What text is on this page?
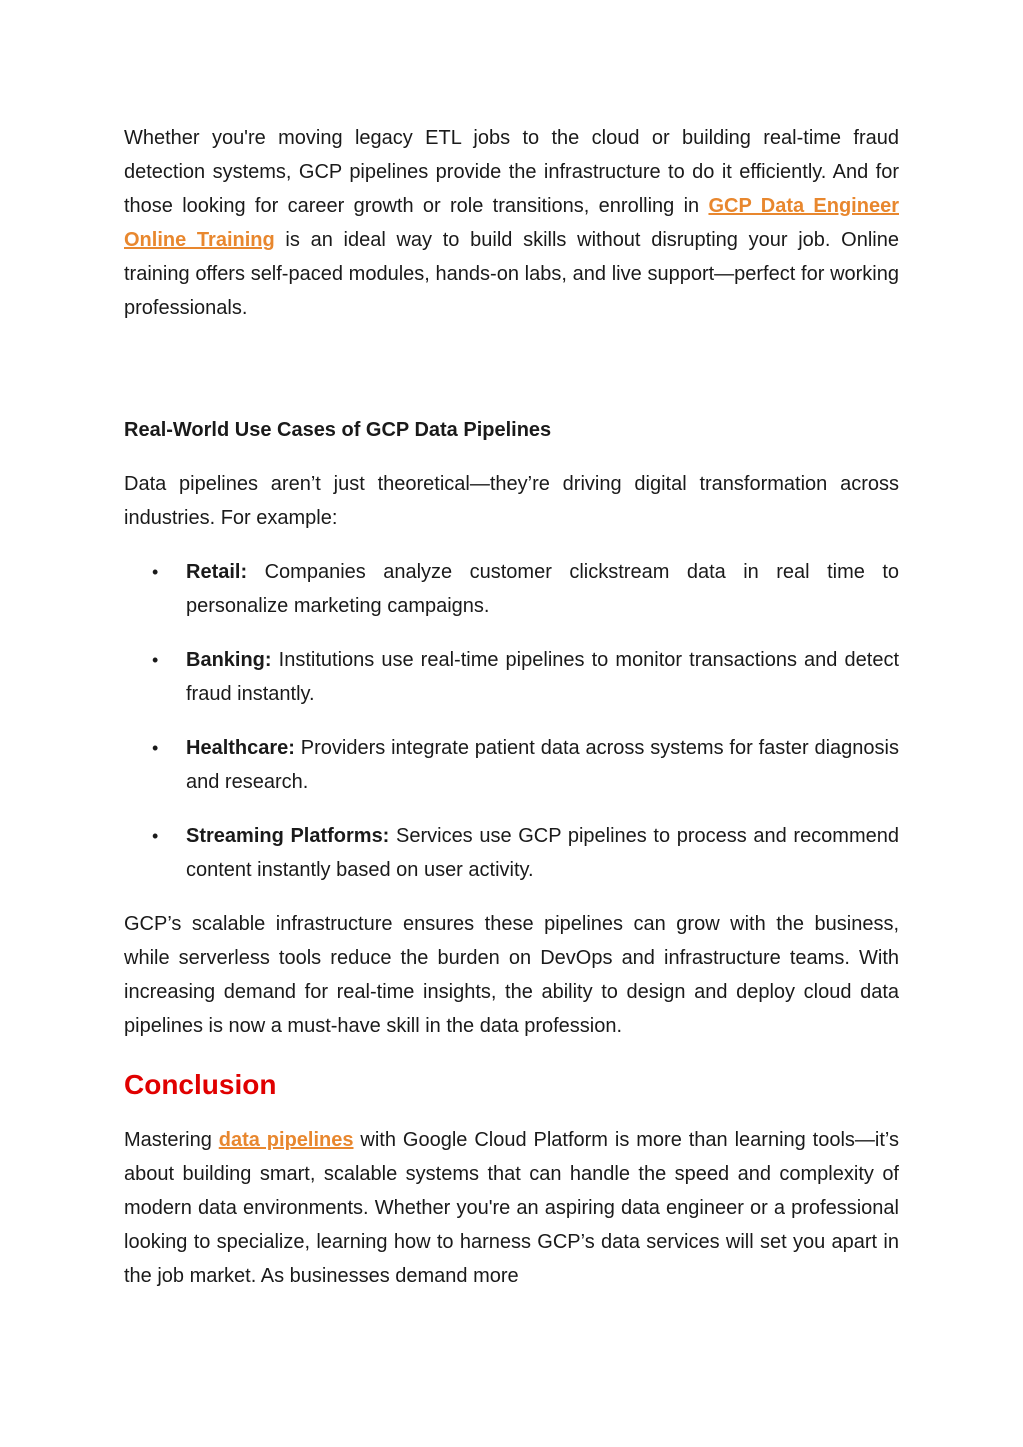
Whether you're moving legacy ETL jobs to the cloud or building real-time fraud detection systems, GCP pipelines provide the infrastructure to do it efficiently. And for those looking for career growth or role transitions, enrolling in GCP Data Engineer Online Training is an ideal way to build skills without disrupting your job. Online training offers self-paced modules, hands-on labs, and live support—perfect for working professionals.

Real-World Use Cases of GCP Data Pipelines

Data pipelines aren’t just theoretical—they’re driving digital transformation across industries. For example:

• Retail: Companies analyze customer clickstream data in real time to personalize marketing campaigns.
• Banking: Institutions use real-time pipelines to monitor transactions and detect fraud instantly.
• Healthcare: Providers integrate patient data across systems for faster diagnosis and research.
• Streaming Platforms: Services use GCP pipelines to process and recommend content instantly based on user activity.

GCP’s scalable infrastructure ensures these pipelines can grow with the business, while serverless tools reduce the burden on DevOps and infrastructure teams. With increasing demand for real-time insights, the ability to design and deploy cloud data pipelines is now a must-have skill in the data profession.

Conclusion

Mastering data pipelines with Google Cloud Platform is more than learning tools—it’s about building smart, scalable systems that can handle the speed and complexity of modern data environments. Whether you're an aspiring data engineer or a professional looking to specialize, learning how to harness GCP’s data services will set you apart in the job market. As businesses demand more
